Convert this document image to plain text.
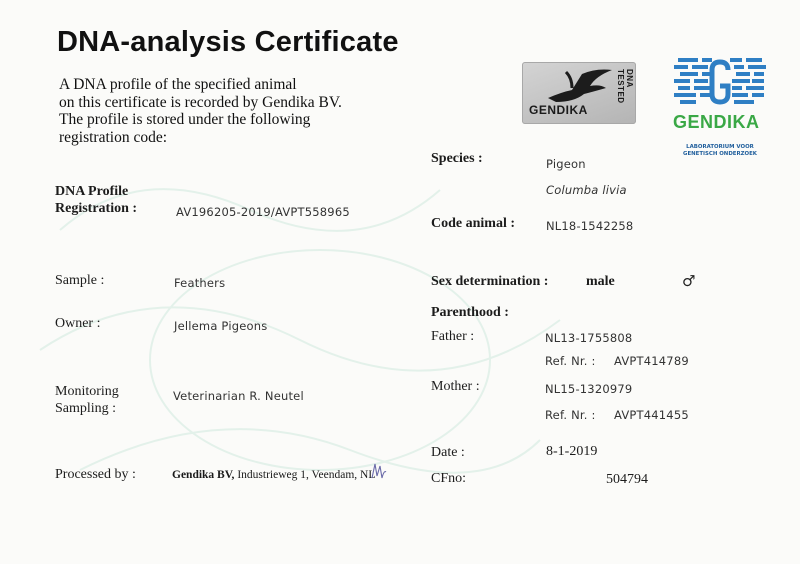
DNA-analysis Certificate
A DNA profile of the specified animal
on this certificate is recorded by Gendika BV.
The profile is stored under the following
registration code:
GENDIKA
DNA TESTED
GENDIKA
LABORATORIUM VOOR
GENETISCH ONDERZOEK
DNA Profile
Registration :	AV196205-2019/AVPT558965
Sample :	Feathers
Owner :	Jellema Pigeons
Monitoring
Sampling :
Veterinarian R. Neutel
Processed by :	Gendika BV, Industrieweg 1, Veendam, NL
Species :	Pigeon
Columba livia
Code animal :	NL18-1542258
Sex determination :	male	♂
Parenthood :
Father :	NL13-1755808
Ref. Nr. : AVPT414789
Mother :	NL15-1320979
Ref. Nr. : AVPT441455
Date :	8-1-2019
CFno:	504794
